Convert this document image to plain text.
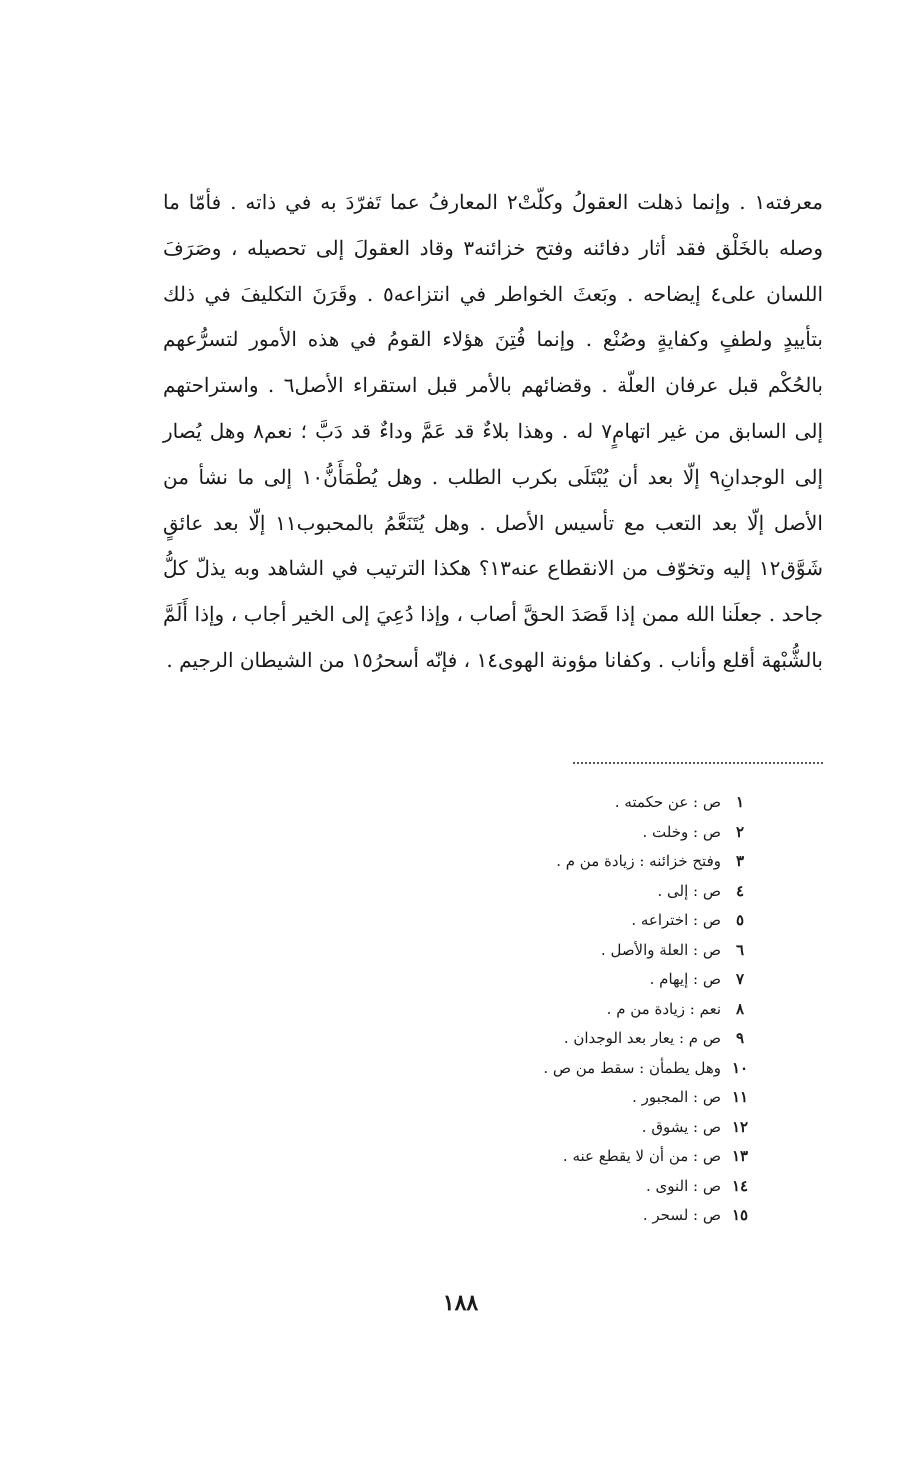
معرفته١ . وإنما ذهلت العقولُ وكلّتْ٢ المعارفُ عما تَفرّدَ به في ذاته . فأمّا ما وصله بالخَلْق فقد أثار دفائنه وفتح خزائنه٣ وقاد العقولَ إلى تحصيله ، وصَرَفَ اللسان على٤ إيضاحه . وبَعثَ الخواطر في انتزاعه٥ . وقَرَنَ التكليفَ في ذلك بتأييدٍ ولطفٍ وكفايةٍ وصُنْع . وإنما فُتِنَ هؤلاء القومُ في هذه الأمور لتسرُّعهم بالحُكْم قبل عرفان العلّة . وقضائهم بالأمر قبل استقراء الأصل٦ . واستراحتهم إلى السابق من غير اتهامٍ٧ له . وهذا بلاءٌ قد عَمَّ وداءٌ قد دَبَّ ؛ نعم٨ وهل يُصار إلى الوجدانِ٩ إلّا بعد أن يُبْتَلَى بكرب الطلب . وهل يُطْمَأَنُّ١٠ إلى ما نشأ من الأصل إلّا بعد التعب مع تأسيس الأصل . وهل يُتَنَعَّمُ بالمحبوب١١ إلّا بعد عائقٍ شَوَّق١٢ إليه وتخوّف من الانقطاع عنه١٣؟ هكذا الترتيب في الشاهد وبه يذلّ كلُّ جاحد . جعلَنا الله ممن إذا قَصَدَ الحقَّ أصاب ، وإذا دُعِيَ إلى الخير أجاب ، وإذا أَلَمَّ بالشُّبْهة أقلع وأناب . وكفانا مؤونة الهوى١٤ ، فإنّه أسحرُ١٥ من الشيطان الرجيم .

١
ص : عن حكمته .
٢
ص : وخلت .
٣
وفتح خزائنه : زيادة من م .
٤
ص : إلى .
٥
ص : اختراعه .
٦
ص : العلة والأصل .
٧
ص : إيهام .
٨
نعم : زيادة من م .
٩
ص م : يعار بعد الوجدان .
١٠
وهل يطمأن : سقط من ص .
١١
ص : المجبور .
١٢
ص : يشوق .
١٣
ص : من أن لا يقطع عنه .
١٤
ص : النوى .
١٥
ص : لسحر .
١٨٨
